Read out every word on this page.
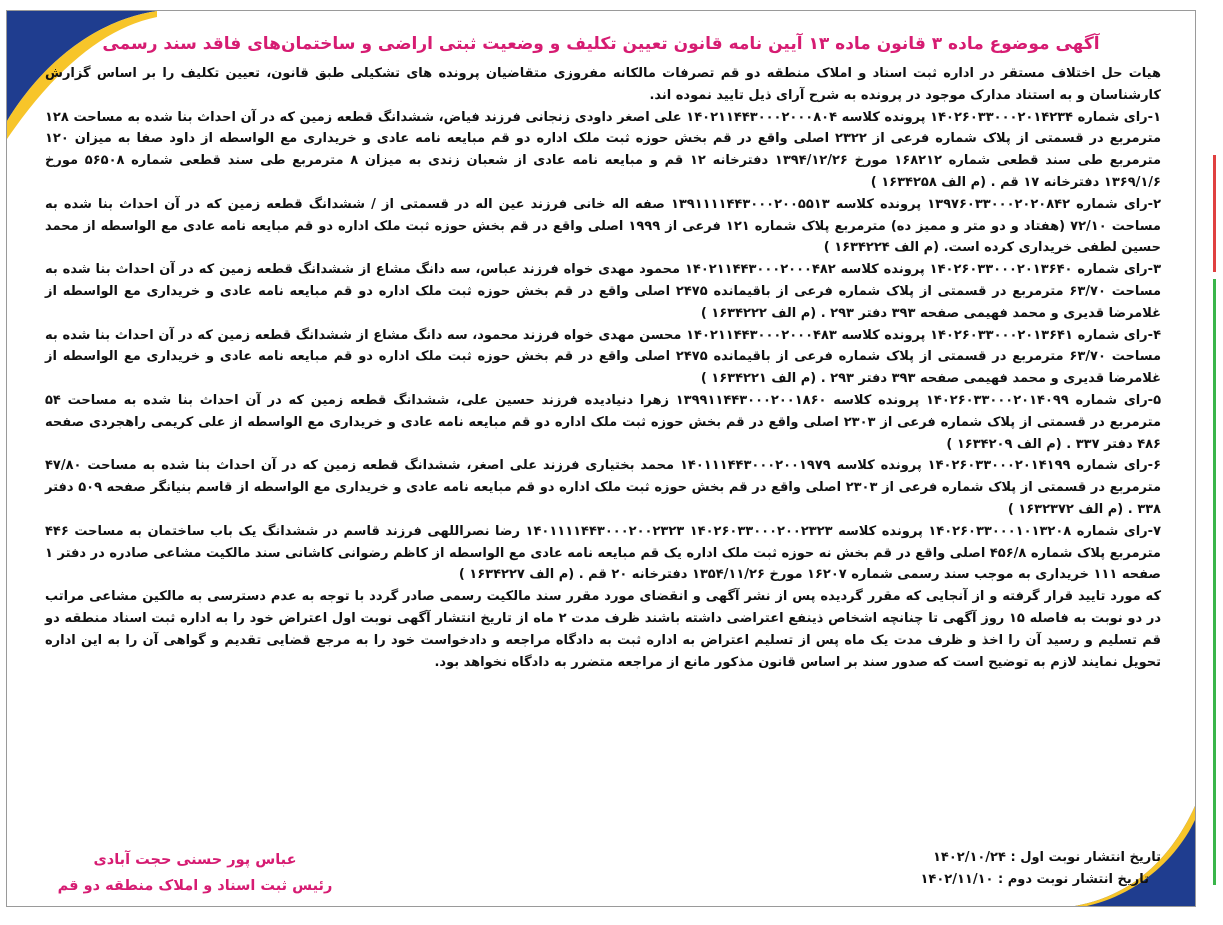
آگهی موضوع ماده ۳ قانون ماده ۱۳ آیین نامه قانون تعیین تکلیف و وضعیت ثبتی اراضی و ساختمان‌های فاقد سند رسمی

هیات حل اختلاف مستقر در اداره ثبت اسناد و املاک منطقه دو قم تصرفات مالکانه مفروزی متقاضیان پرونده های تشکیلی طبق قانون، تعیین تکلیف را بر اساس گزارش کارشناسان و به استناد مدارک موجود در پرونده به شرح آرای ذیل تایید نموده اند.

۱-رای شماره ۱۴۰۲۶۰۳۳۰۰۰۲۰۱۴۲۳۴ پرونده کلاسه ۱۴۰۲۱۱۴۴۳۰۰۰۲۰۰۰۸۰۴ علی اصغر داودی زنجانی فرزند فیاض، ششدانگ قطعه زمین که در آن احداث بنا شده به مساحت ۱۲۸ مترمربع در قسمتی از پلاک شماره فرعی از ۲۳۲۲ اصلی واقع در قم بخش حوزه ثبت ملک اداره دو قم مبایعه نامه عادی و خریداری مع الواسطه از داود صفا به میزان ۱۲۰ مترمربع طی سند قطعی شماره ۱۶۸۲۱۲ مورخ ۱۳۹۴/۱۲/۲۶ دفترخانه ۱۲ قم و مبایعه نامه عادی از شعبان زندی به میزان ۸ مترمربع طی سند قطعی شماره ۵۶۵۰۸ مورخ ۱۳۶۹/۱/۶ دفترخانه ۱۷ قم . (م الف ۱۶۳۴۲۵۸ )

۲-رای شماره ۱۳۹۷۶۰۳۳۰۰۰۲۰۲۰۸۴۲ پرونده کلاسه ۱۳۹۱۱۱۱۴۴۳۰۰۰۲۰۰۵۵۱۳ صفه اله خانی فرزند عین اله در قسمتی از / ششدانگ قطعه زمین که در آن احداث بنا شده به مساحت ۷۲/۱۰ (هفتاد و دو متر و ممیز ده) مترمربع پلاک شماره ۱۲۱ فرعی از ۱۹۹۹ اصلی واقع در قم بخش حوزه ثبت ملک اداره دو قم مبایعه نامه عادی مع الواسطه از محمد حسین لطفی خریداری کرده است. (م الف ۱۶۳۴۲۲۴ )

۳-رای شماره ۱۴۰۲۶۰۳۳۰۰۰۲۰۱۳۶۴۰ پرونده کلاسه ۱۴۰۲۱۱۴۴۳۰۰۰۲۰۰۰۴۸۲ محمود مهدی خواه فرزند عباس، سه دانگ مشاع از ششدانگ قطعه زمین که در آن احداث بنا شده به مساحت ۶۳/۷۰ مترمربع در قسمتی از پلاک شماره فرعی از باقیمانده ۲۴۷۵ اصلی واقع در قم بخش حوزه ثبت ملک اداره دو قم مبایعه نامه عادی و خریداری مع الواسطه از غلامرضا قدیری و محمد فهیمی صفحه ۳۹۳ دفتر ۲۹۳ . (م الف ۱۶۳۴۲۲۲ )

۴-رای شماره ۱۴۰۲۶۰۳۳۰۰۰۲۰۱۳۶۴۱ پرونده کلاسه ۱۴۰۲۱۱۴۴۳۰۰۰۲۰۰۰۴۸۳ محسن مهدی خواه فرزند محمود، سه دانگ مشاع از ششدانگ قطعه زمین که در آن احداث بنا شده به مساحت ۶۳/۷۰ مترمربع در قسمتی از پلاک شماره فرعی از باقیمانده ۲۴۷۵ اصلی واقع در قم بخش حوزه ثبت ملک اداره دو قم مبایعه نامه عادی و خریداری مع الواسطه از غلامرضا قدیری و محمد فهیمی صفحه ۳۹۳ دفتر ۲۹۳ . (م الف ۱۶۳۴۲۲۱ )

۵-رای شماره ۱۴۰۲۶۰۳۳۰۰۰۲۰۱۴۰۹۹ پرونده کلاسه ۱۳۹۹۱۱۴۴۳۰۰۰۲۰۰۱۸۶۰ زهرا دنیادیده فرزند حسین علی، ششدانگ قطعه زمین که در آن احداث بنا شده به مساحت ۵۴ مترمربع در قسمتی از پلاک شماره فرعی از ۲۳۰۳ اصلی واقع در قم بخش حوزه ثبت ملک اداره دو قم مبایعه نامه عادی و خریداری مع الواسطه از علی کریمی راهجردی صفحه ۴۸۶ دفتر ۳۳۷ . (م الف ۱۶۳۴۲۰۹ )

۶-رای شماره ۱۴۰۲۶۰۳۳۰۰۰۲۰۱۴۱۹۹ پرونده کلاسه ۱۴۰۱۱۱۴۴۳۰۰۰۲۰۰۱۹۷۹ محمد بختیاری فرزند علی اصغر، ششدانگ قطعه زمین که در آن احداث بنا شده به مساحت ۴۷/۸۰ مترمربع در قسمتی از پلاک شماره فرعی از ۲۳۰۳ اصلی واقع در قم بخش حوزه ثبت ملک اداره دو قم مبایعه نامه عادی و خریداری مع الواسطه از قاسم بنیانگر صفحه ۵۰۹ دفتر ۳۳۸ . (م الف ۱۶۳۲۳۷۲ )

۷-رای شماره ۱۴۰۲۶۰۳۳۰۰۰۱۰۱۳۲۰۸ پرونده کلاسه ۱۴۰۲۶۰۳۳۰۰۰۲۰۰۲۳۲۳ ۱۴۰۱۱۱۱۴۴۳۰۰۰۲۰۰۲۳۲۳ رضا نصراللهی فرزند قاسم در ششدانگ یک باب ساختمان به مساحت ۴۴۶ مترمربع پلاک شماره ۴۵۶/۸ اصلی واقع در قم بخش نه حوزه ثبت ملک اداره یک قم مبایعه نامه عادی مع الواسطه از کاظم رضوانی کاشانی سند مالکیت مشاعی صادره در دفتر ۱ صفحه ۱۱۱ خریداری به موجب سند رسمی شماره ۱۶۲۰۷ مورخ ۱۳۵۴/۱۱/۲۶ دفترخانه ۲۰ قم . (م الف ۱۶۳۴۲۲۷ )

که مورد تایید قرار گرفته و از آنجایی که مقرر گردیده پس از نشر آگهی و انقضای مورد مقرر سند مالکیت رسمی صادر گردد با توجه به عدم دسترسی به مالکین مشاعی مراتب در دو نوبت به فاصله ۱۵ روز آگهی تا چنانچه اشخاص ذینفع اعتراضی داشته باشند ظرف مدت ۲ ماه از تاریخ انتشار آگهی نوبت اول اعتراض خود را به اداره ثبت اسناد منطقه دو قم تسلیم و رسید آن را اخذ و ظرف مدت یک ماه پس از تسلیم اعتراض به اداره ثبت به دادگاه مراجعه و دادخواست خود را به مرجع قضایی تقدیم و گواهی آن را به این اداره تحویل نمایند لازم به توضیح است که صدور سند بر اساس قانون مذکور مانع از مراجعه متضرر به دادگاه نخواهد بود.

تاریخ انتشار نوبت اول : ۱۴۰۲/۱۰/۲۴
تاریخ انتشار نوبت دوم : ۱۴۰۲/۱۱/۱۰
عباس پور حسنی حجت آبادی
رئیس ثبت اسناد و املاک منطقه دو قم
